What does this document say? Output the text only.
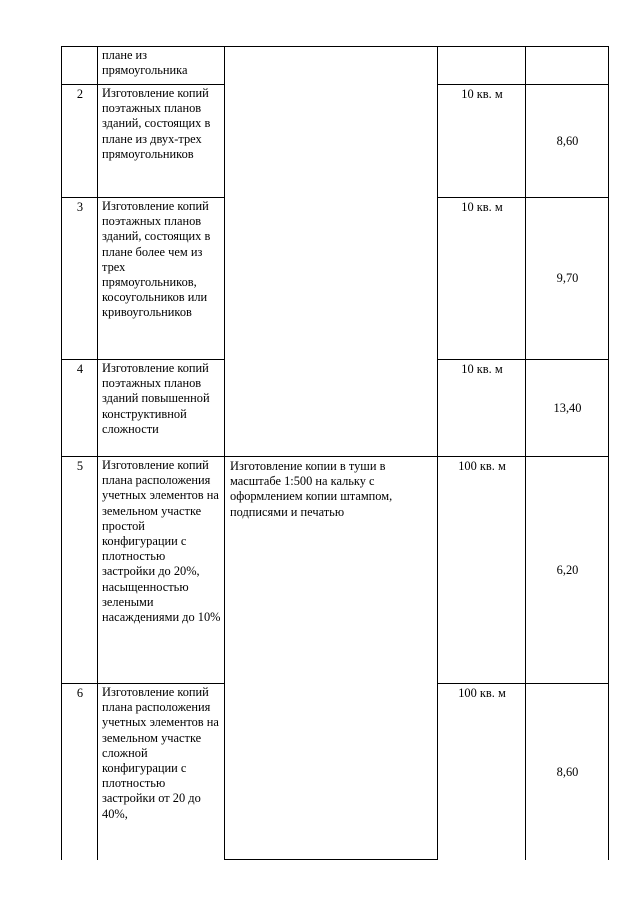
	плане из прямоугольника			
2	Изготовление копий поэтажных планов зданий, состоящих в плане из двух-трех прямоугольников		10 кв. м	8,60
3	Изготовление копий поэтажных планов зданий, состоящих в плане более чем из трех прямоугольников, косоугольников или кривоугольников		10 кв. м	9,70
4	Изготовление копий поэтажных планов зданий повышенной конструктивной сложности		10 кв. м	13,40
5	Изготовление копий плана расположения учетных элементов на земельном участке простой конфигурации с плотностью застройки до 20%, насыщенностью зелеными насаждениями до 10%	Изготовление копии в туши в масштабе 1:500 на кальку с оформлением копии штампом, подписями и печатью	100 кв. м	6,20
6	Изготовление копий плана расположения учетных элементов на земельном участке сложной конфигурации с плотностью застройки от 20 до 40%,		100 кв. м	8,60
